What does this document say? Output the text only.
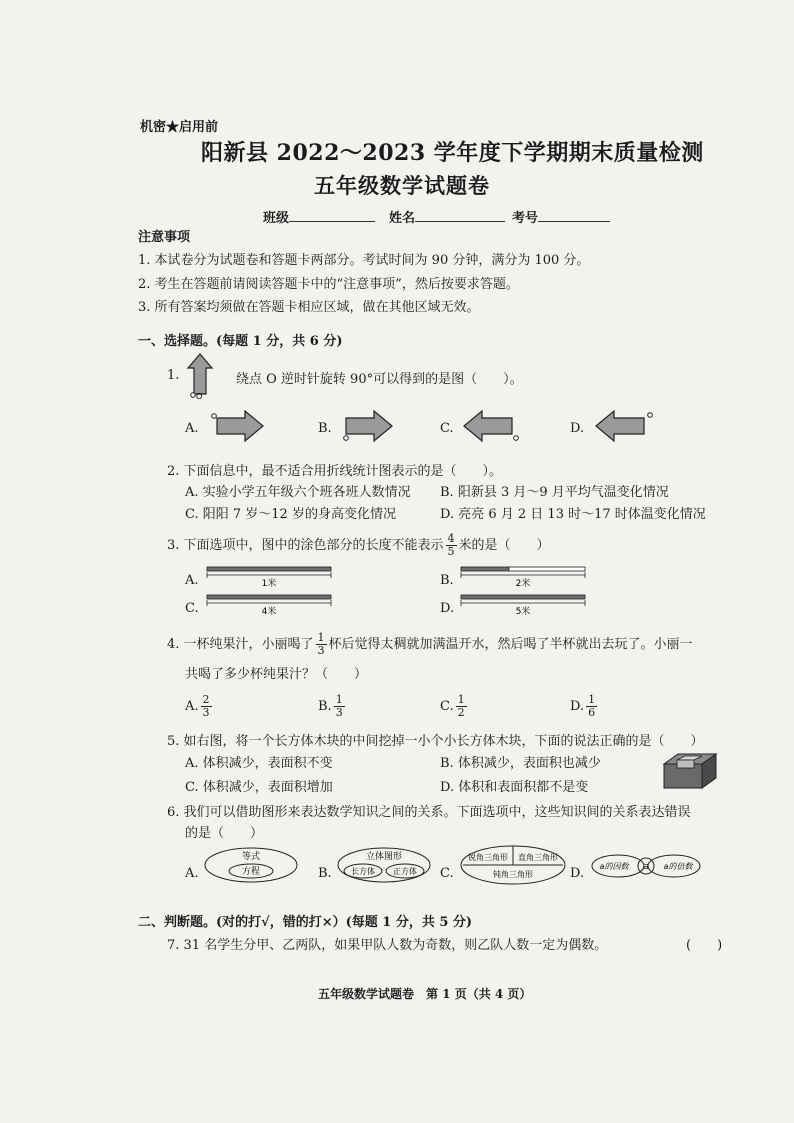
机密★启用前
阳新县 2022～2023 学年度下学期期末质量检测
五年级数学试题卷
班级	姓名	考号
注意事项
1. 本试卷分为试题卷和答题卡两部分。考试时间为 90 分钟，满分为 100 分。
2. 考生在答题前请阅读答题卡中的“注意事项”，然后按要求答题。
3. 所有答案均须做在答题卡相应区域，做在其他区域无效。
一、选择题。(每题 1 分，共 6 分)
1.
O
绕点 O 逆时针旋转 90°可以得到的是图（　　）。
A.	B.	C.	D.
2. 下面信息中，最不适合用折线统计图表示的是（　　）。
A. 实验小学五年级六个班各班人数情况 B. 阳新县 3 月～9 月平均气温变化情况
C. 阳阳 7 岁～12 岁的身高变化情况	D. 亮亮 6 月 2 日 13 时～17 时体温变化情况
3. 下面选项中，图中的涂色部分的长度不能表示 $\frac{4}{5}$ 米的是（　　）
A.	1米	B.	2米
C.	4米	D.	5米
4. 一杯纯果汁，小丽喝了 $\frac{1}{3}$ 杯后觉得太稠就加满温开水，然后喝了半杯就出去玩了。小丽一
共喝了多少杯纯果汁？（　　）
A. $\frac{2}{3}$	B. $\frac{1}{3}$	C. $\frac{1}{2}$	D. $\frac{1}{6}$
5. 如右图，将一个长方体木块的中间挖掉一小个小长方体木块，下面的说法正确的是（　　）
A. 体积减少，表面积不变	B. 体积减少，表面积也减少
C. 体积减少，表面积增加	D. 体积和表面积都不是变
6. 我们可以借助图形来表达数学知识之间的关系。下面选项中，这些知识间的关系表达错误
的是（　　）
A.
等式
方程	B.
立体图形
长方体 正方体 C.
锐角三角形 直角三角形
钝角三角形	D. a的因数 a a的倍数
二、判断题。(对的打√，错的打×）(每题 1 分，共 5 分)
7. 31 名学生分甲、乙两队，如果甲队人数为奇数，则乙队人数一定为偶数。	(　　)
五年级数学试题卷　第 1 页（共 4 页）
